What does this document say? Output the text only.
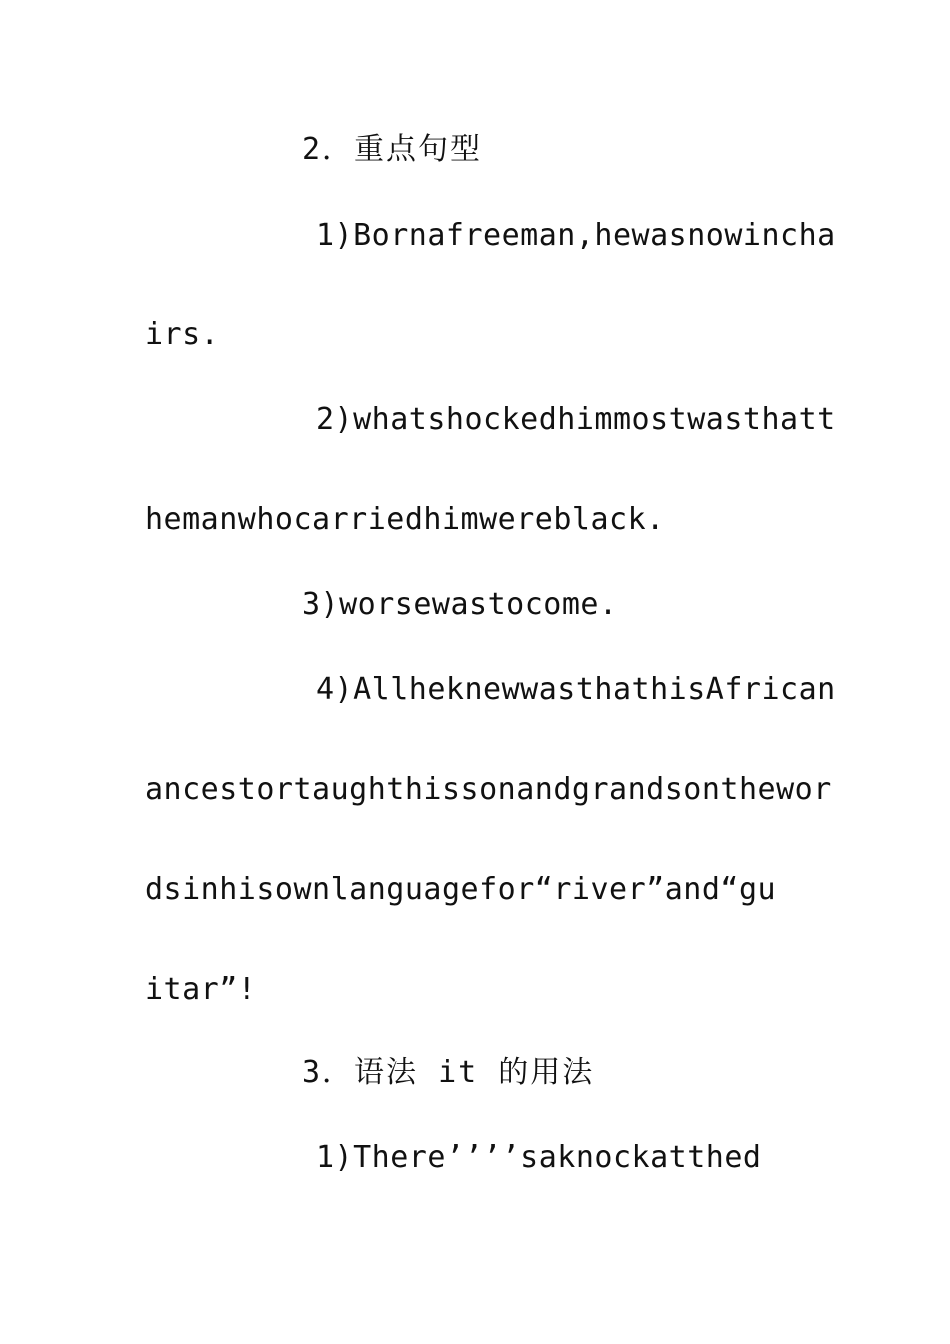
2．重点句型

1)Bornafreeman,hewasnowincha

irs.

2)whatshockedhimmostwasthatt

hemanwhocarriedhimwereblack.

3)worsewastocome.

4)AllheknewwasthathisAfrican

ancestortaughthissonandgrandsonthewor

dsinhisownlanguagefor“river”and“gu

itar”!

3．语法 it 的用法

1)There’’’’saknockatthed
